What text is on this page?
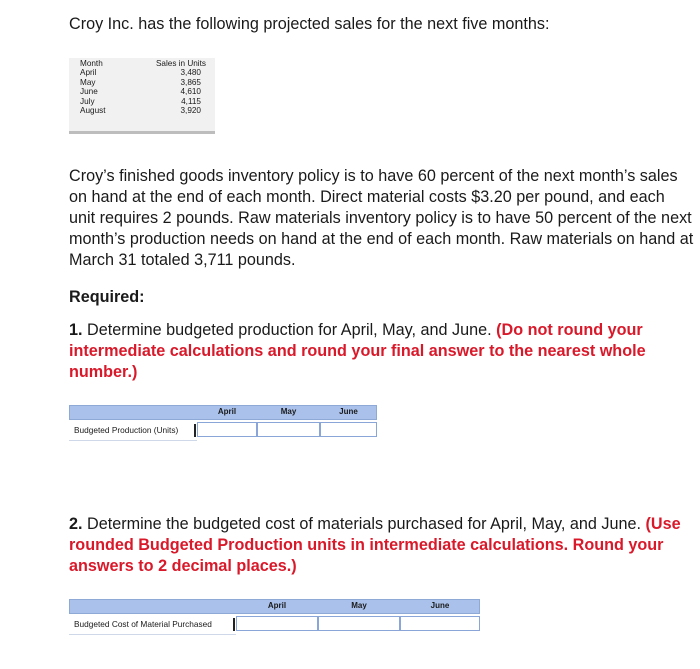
Croy Inc. has the following projected sales for the next five months:

Month	Sales in Units
April	3,480
May	3,865
June	4,610
July	4,115
August	3,920

Croy’s finished goods inventory policy is to have 60 percent of the next month’s sales on hand at the end of each month. Direct material costs $3.20 per pound, and each unit requires 2 pounds. Raw materials inventory policy is to have 50 percent of the next month’s production needs on hand at the end of each month. Raw materials on hand at March 31 totaled 3,711 pounds.

Required:

1. Determine budgeted production for April, May, and June. (Do not round your intermediate calculations and round your final answer to the nearest whole number.)

April	May	June
Budgeted Production (Units)

2. Determine the budgeted cost of materials purchased for April, May, and June. (Use rounded Budgeted Production units in intermediate calculations. Round your answers to 2 decimal places.)

April	May	June
Budgeted Cost of Material Purchased
